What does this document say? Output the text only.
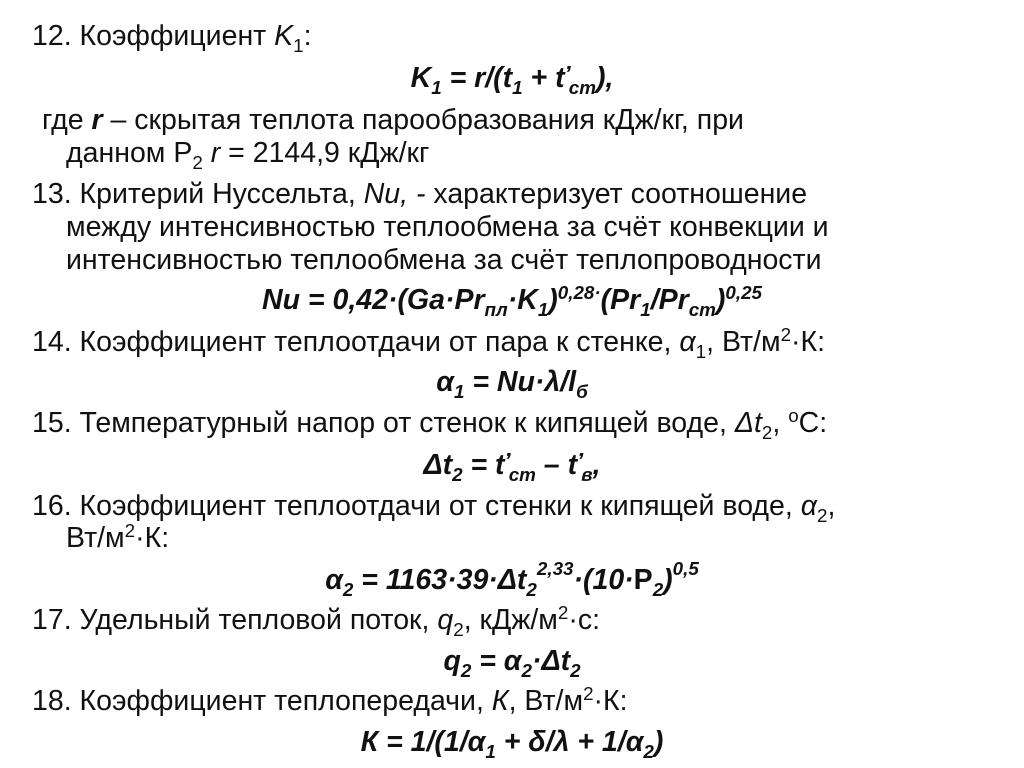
12. Коэффициент $K_1$:
$K_1 = r/(t_1$ + $ť_{ст}$),
где r – скрытая теплота парообразования кДж/кг, при
данном $Р_2$ r = 2144,9 кДж/кг
13. Критерий Нуссельта, Nu, - характеризует соотношение
между интенсивностью теплообмена за счёт конвекции и
интенсивностью теплообмена за счёт теплопроводности
$Nu = 0,42\cdot(Ga\cdot Pr_{пл}\cdot K_1)^{0,28\cdot}(Pr_1/Pr_{ст})^{0,25}$
14. Коэффициент теплоотдачи от пара к стенке, $\alpha_1$, $Вт/м^2\cdot К$:
$\alpha_1 = Nu\cdot\lambda/l_б$
15. Температурный напор от стенок к кипящей воде, $\Delta t_2$, $^o$С:
$\Delta t_2$ = $ť_{ст}$ – $ť_в$,
16. Коэффициент теплоотдачи от стенки к кипящей воде, $\alpha_2$,
$Вт/м^2\cdot К$:
$\alpha_2 = 1163\cdot 39\cdot\Delta t_2^{2,33}\cdot(10\cdot Р_2)^{0,5}$
17. Удельный тепловой поток, $q_2$, кДж/$м^2\cdot с$:
$q_2 = \alpha_2\cdot\Delta t_2$
18. Коэффициент теплопередачи, К, $Вт/м^2\cdot К$:
$К = 1/(1/\alpha_1 + \delta/\lambda + 1/\alpha_2)$
